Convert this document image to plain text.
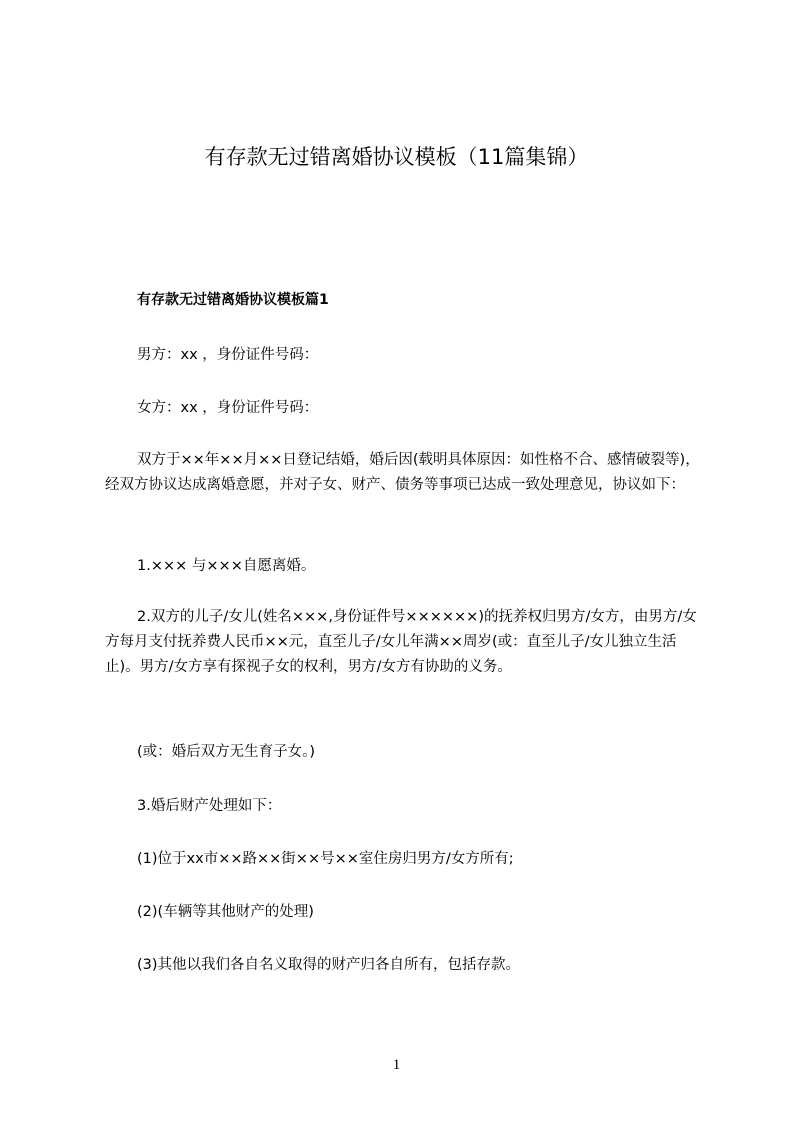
有存款无过错离婚协议模板（11篇集锦）
有存款无过错离婚协议模板篇1

男方：xx ，身份证件号码：

女方：xx ，身份证件号码：

双方于××年××月××日登记结婚，婚后因(载明具体原因：如性格不合、感情破裂等)，经双方协议达成离婚意愿，并对子女、财产、债务等事项已达成一致处理意见，协议如下：

1.××× 与×××自愿离婚。

2.双方的儿子/女儿(姓名×××,身份证件号××××××)的抚养权归男方/女方，由男方/女方每月支付抚养费人民币××元，直至儿子/女儿年满××周岁(或：直至儿子/女儿独立生活止)。男方/女方享有探视子女的权利，男方/女方有协助的义务。

(或：婚后双方无生育子女。)

3.婚后财产处理如下：

(1)位于xx市××路××街××号××室住房归男方/女方所有;

(2)(车辆等其他财产的处理)

(3)其他以我们各自名义取得的财产归各自所有，包括存款。

1
